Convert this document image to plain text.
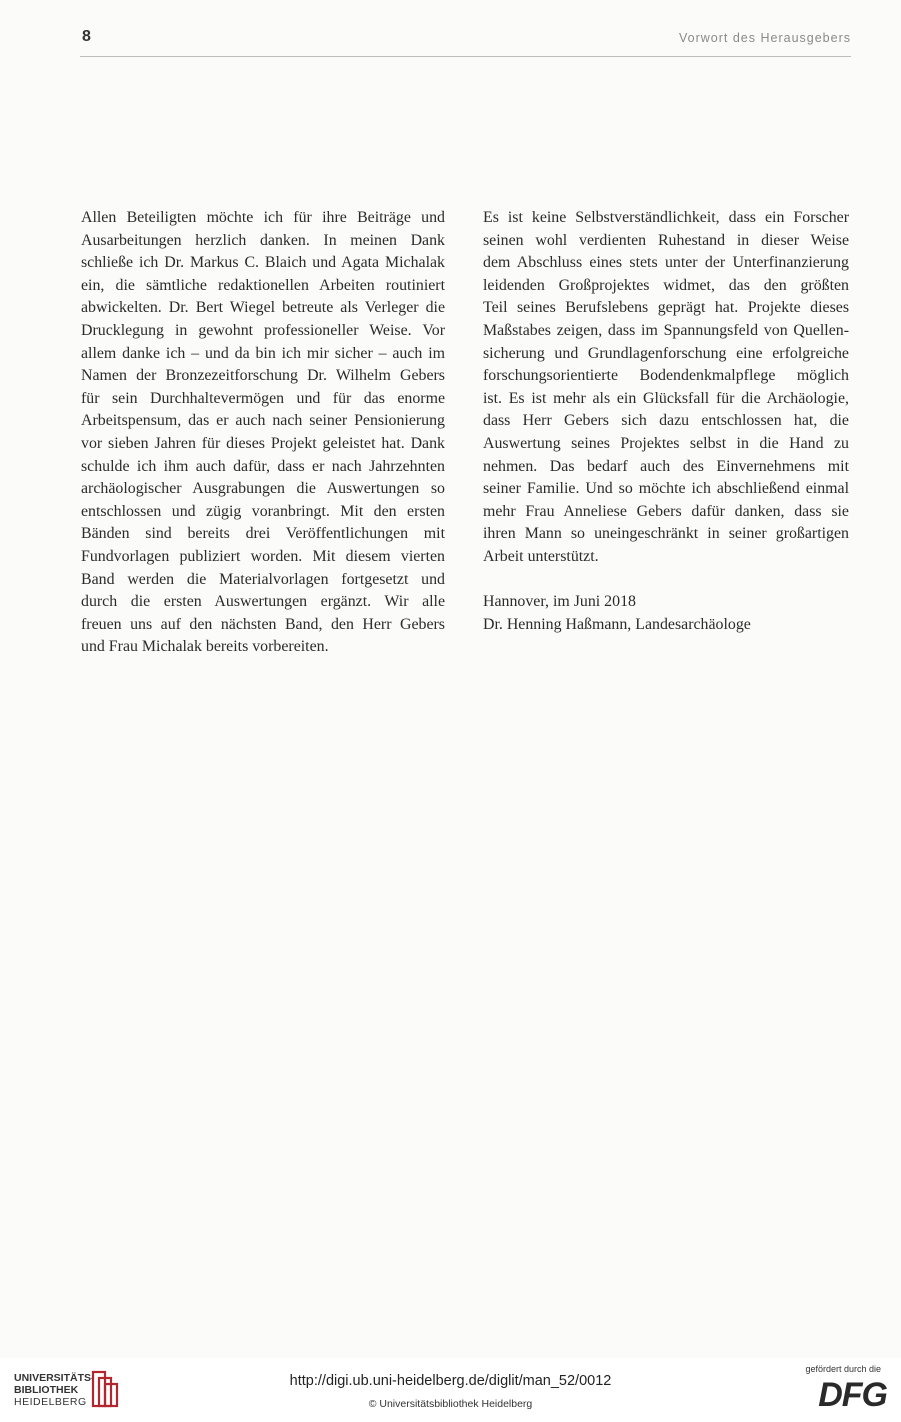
8	Vorwort des Herausgebers

Allen Beteiligten möchte ich für ihre Beiträge und
Ausarbeitungen herzlich danken. In meinen Dank
schließe ich Dr. Markus C. Blaich und Agata Michalak
ein, die sämtliche redaktionellen Arbeiten routiniert
abwickelten. Dr. Bert Wiegel betreute als Verleger die
Drucklegung in gewohnt professioneller Weise. Vor
allem danke ich – und da bin ich mir sicher – auch im
Namen der Bronzezeitforschung Dr. Wilhelm Gebers
für sein Durchhaltevermögen und für das enorme
Arbeitspensum, das er auch nach seiner Pensionierung
vor sieben Jahren für dieses Projekt geleistet hat. Dank
schulde ich ihm auch dafür, dass er nach Jahrzehnten
archäologischer Ausgrabungen die Auswertungen so
entschlossen und zügig voranbringt. Mit den ersten
Bänden sind bereits drei Veröffentlichungen mit
Fundvorlagen publiziert worden. Mit diesem vierten
Band werden die Materialvorlagen fortgesetzt und
durch die ersten Auswertungen ergänzt. Wir alle
freuen uns auf den nächsten Band, den Herr Gebers
und Frau Michalak bereits vorbereiten.

Es ist keine Selbstverständlichkeit, dass ein Forscher
seinen wohl verdienten Ruhestand in dieser Weise
dem Abschluss eines stets unter der Unterfinanzierung
leidenden Großprojektes widmet, das den größten
Teil seines Berufslebens geprägt hat. Projekte dieses
Maßstabes zeigen, dass im Spannungsfeld von Quellen-
sicherung und Grundlagenforschung eine erfolgreiche
forschungsorientierte Bodendenkmalpflege möglich
ist. Es ist mehr als ein Glücksfall für die Archäologie,
dass Herr Gebers sich dazu entschlossen hat, die
Auswertung seines Projektes selbst in die Hand zu
nehmen. Das bedarf auch des Einvernehmens mit
seiner Familie. Und so möchte ich abschließend einmal
mehr Frau Anneliese Gebers dafür danken, dass sie
ihren Mann so uneingeschränkt in seiner großartigen
Arbeit unterstützt.

Hannover, im Juni 2018
Dr. Henning Haßmann, Landesarchäologe

UNIVERSITÄTS-
BIBLIOTHEK
HEIDELBERG
http://digi.ub.uni-heidelberg.de/diglit/man_52/0012
© Universitätsbibliothek Heidelberg
gefördert durch die
DFG
